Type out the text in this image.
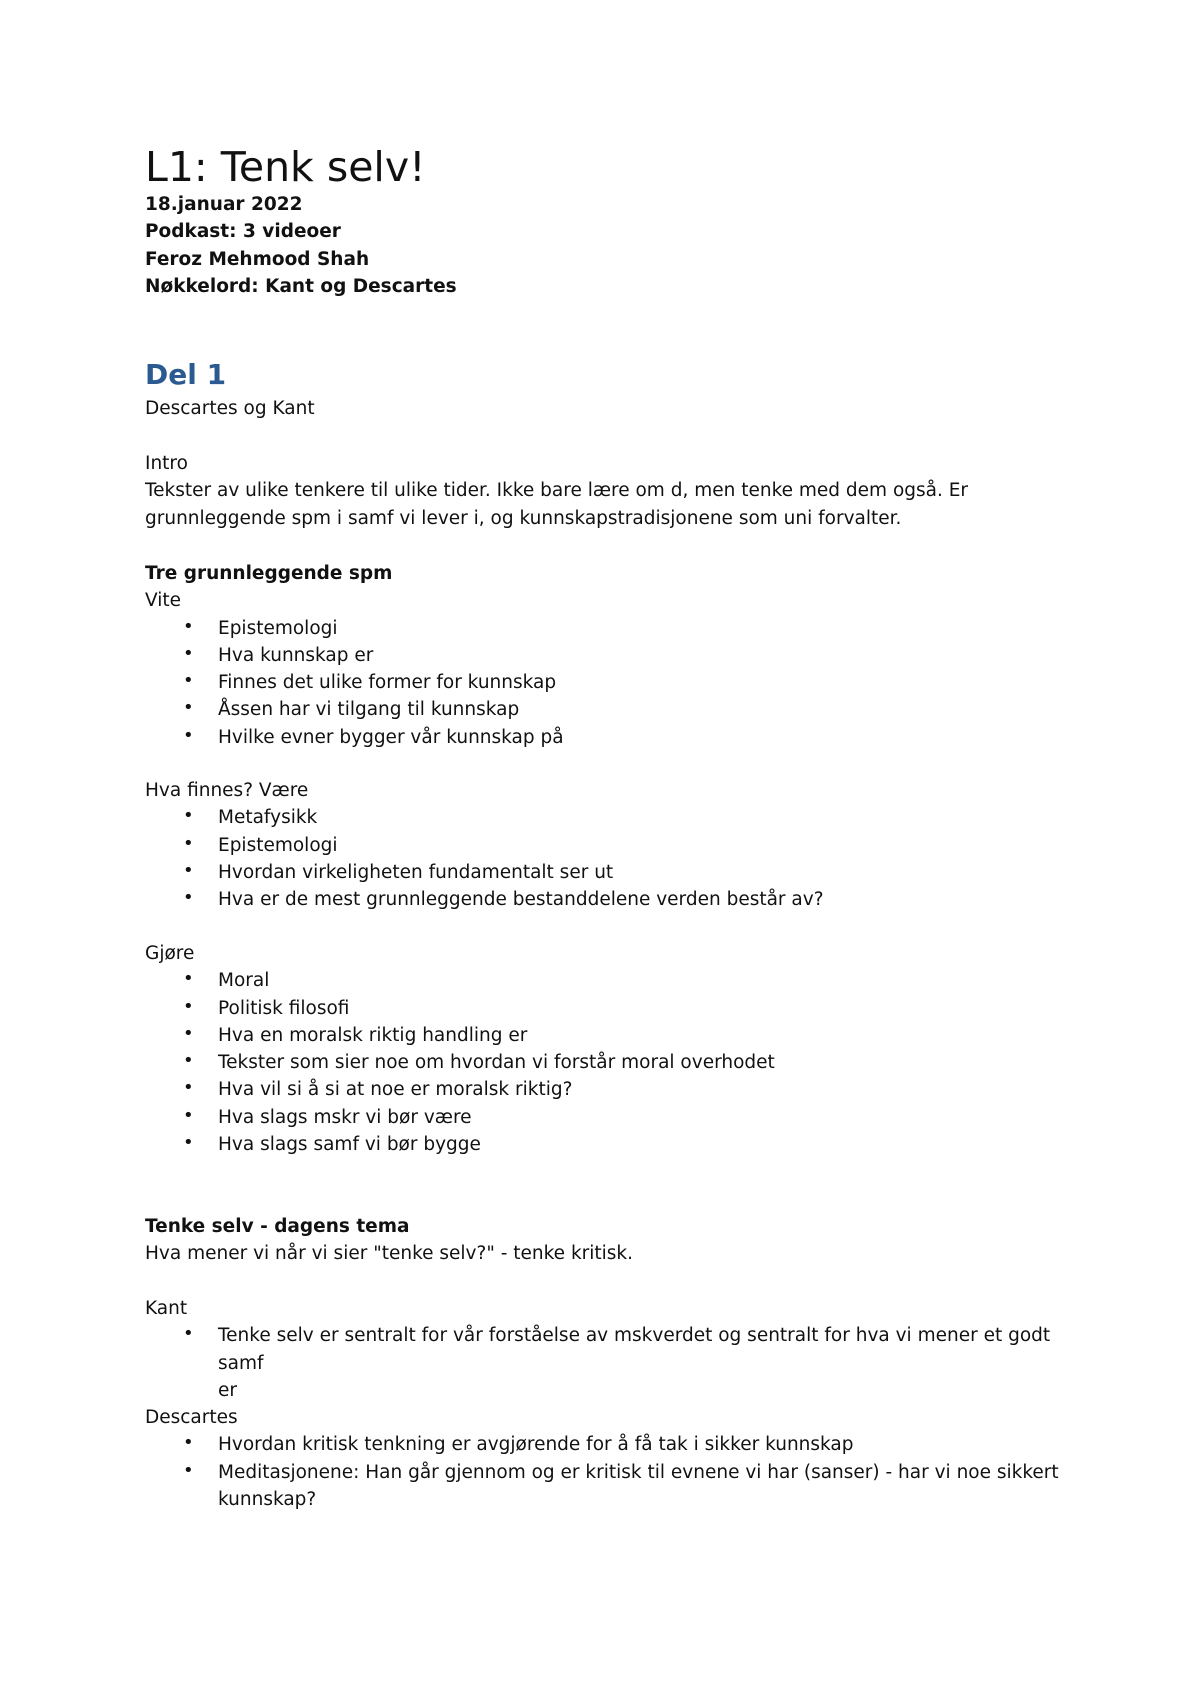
L1: Tenk selv!
18.januar 2022
Podkast: 3 videoer
Feroz Mehmood Shah
Nøkkelord: Kant og Descartes
Del 1
Descartes og Kant
Intro
Tekster av ulike tenkere til ulike tider. Ikke bare lære om d, men tenke med dem også. Er
grunnleggende spm i samf vi lever i, og kunnskapstradisjonene som uni forvalter.
Tre grunnleggende spm
Vite
• Epistemologi
• Hva kunnskap er
• Finnes det ulike former for kunnskap
• Åssen har vi tilgang til kunnskap
• Hvilke evner bygger vår kunnskap på
Hva finnes? Være
• Metafysikk
• Epistemologi
• Hvordan virkeligheten fundamentalt ser ut
• Hva er de mest grunnleggende bestanddelene verden består av?
Gjøre
• Moral
• Politisk filosofi
• Hva en moralsk riktig handling er
• Tekster som sier noe om hvordan vi forstår moral overhodet
• Hva vil si å si at noe er moralsk riktig?
• Hva slags mskr vi bør være
• Hva slags samf vi bør bygge
Tenke selv - dagens tema
Hva mener vi når vi sier "tenke selv?" - tenke kritisk.
Kant
• Tenke selv er sentralt for vår forståelse av mskverdet og sentralt for hva vi mener et godt samf
er
Descartes
• Hvordan kritisk tenkning er avgjørende for å få tak i sikker kunnskap
• Meditasjonene: Han går gjennom og er kritisk til evnene vi har (sanser) - har vi noe sikkert
kunnskap?
